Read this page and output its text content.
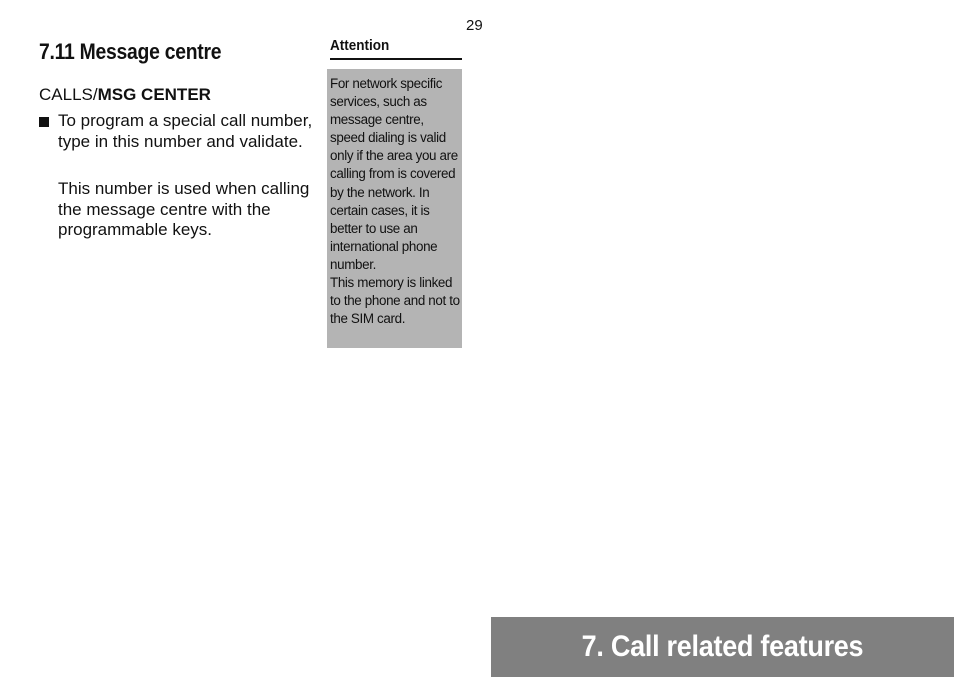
29
7.11 Message centre
CALLS/MSG CENTER

To program a special call number, type in this number and validate.

This number is used when calling the message centre with the programmable keys.

Attention

For network specific services, such as message centre, speed dialing is valid only if the area you are calling from is covered by the network. In certain cases, it is better to use an international phone number.

This memory is linked to the phone and not to the SIM card.

7. Call related features
